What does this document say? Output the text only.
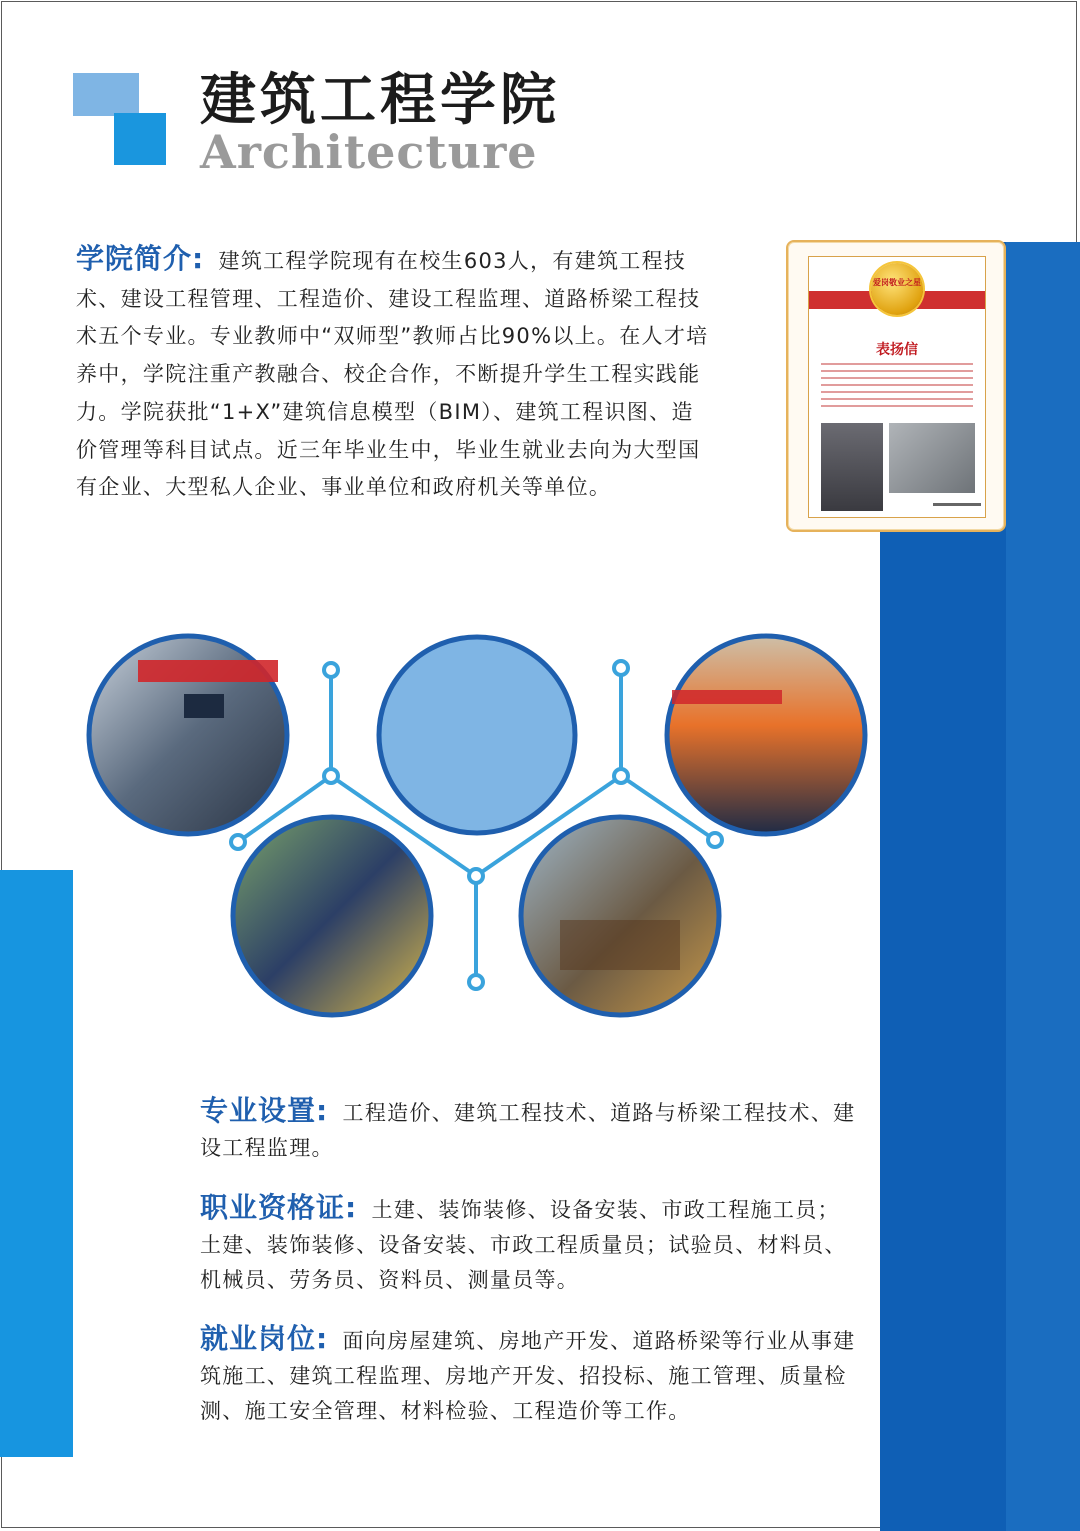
建筑工程学院
Architecture

学院简介: 建筑工程学院现有在校生603人，有建筑工程技术、建设工程管理、工程造价、建设工程监理、道路桥梁工程技术五个专业。专业教师中“双师型”教师占比90%以上。在人才培养中，学院注重产教融合、校企合作，不断提升学生工程实践能力。学院获批“1+X”建筑信息模型（BIM）、建筑工程识图、造价管理等科目试点。近三年毕业生中，毕业生就业去向为大型国有企业、大型私人企业、事业单位和政府机关等单位。

爱岗敬业之星
表扬信

专业设置: 工程造价、建筑工程技术、道路与桥梁工程技术、建设工程监理。

职业资格证: 土建、装饰装修、设备安装、市政工程施工员；土建、装饰装修、设备安装、市政工程质量员；试验员、材料员、机械员、劳务员、资料员、测量员等。

就业岗位: 面向房屋建筑、房地产开发、道路桥梁等行业从事建筑施工、建筑工程监理、房地产开发、招投标、施工管理、质量检测、施工安全管理、材料检验、工程造价等工作。
